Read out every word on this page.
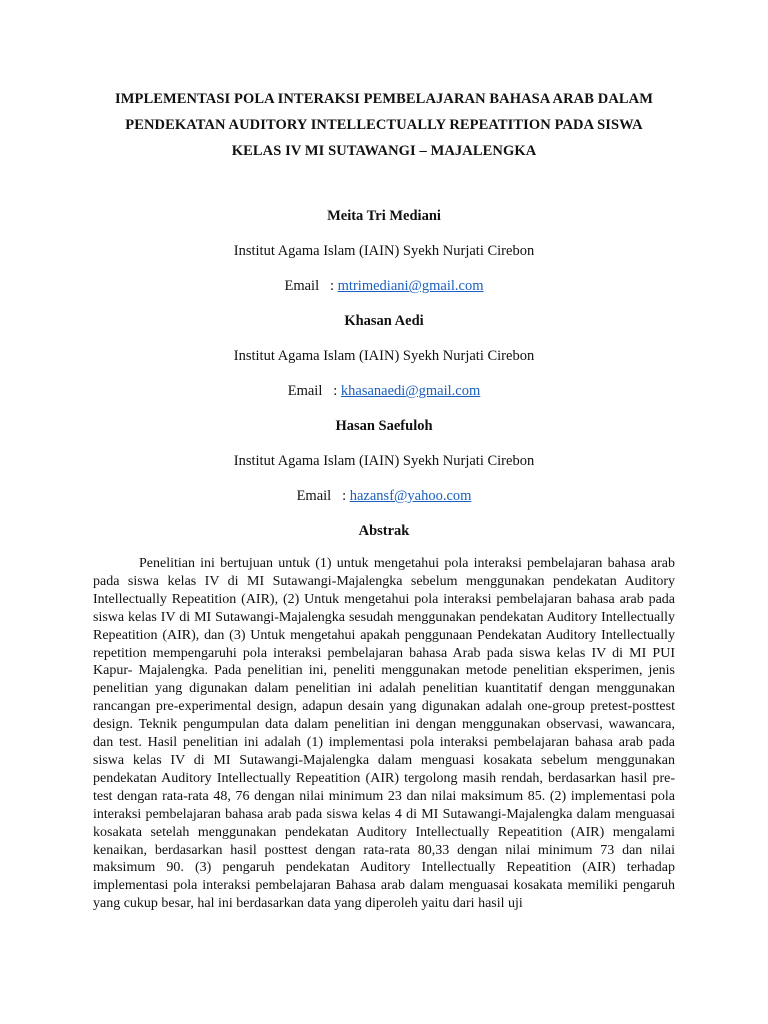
IMPLEMENTASI POLA INTERAKSI PEMBELAJARAN BAHASA ARAB DALAM
PENDEKATAN AUDITORY INTELLECTUALLY REPEATITION PADA SISWA
KELAS IV MI SUTAWANGI – MAJALENGKA
Meita Tri Mediani
Institut Agama Islam (IAIN) Syekh Nurjati Cirebon
Email   : mtrimediani@gmail.com
Khasan Aedi
Institut Agama Islam (IAIN) Syekh Nurjati Cirebon
Email   : khasanaedi@gmail.com
Hasan Saefuloh
Institut Agama Islam (IAIN) Syekh Nurjati Cirebon
Email   : hazansf@yahoo.com
Abstrak
Penelitian ini bertujuan untuk (1) untuk mengetahui pola interaksi pembelajaran bahasa arab pada siswa kelas IV di MI Sutawangi-Majalengka sebelum menggunakan pendekatan Auditory Intellectually Repeatition (AIR), (2) Untuk mengetahui pola interaksi pembelajaran bahasa arab pada siswa kelas IV di MI Sutawangi-Majalengka sesudah menggunakan pendekatan Auditory Intellectually Repeatition (AIR), dan (3) Untuk mengetahui apakah penggunaan Pendekatan Auditory Intellectually repetition mempengaruhi pola interaksi pembelajaran bahasa Arab pada siswa kelas IV di MI PUI Kapur- Majalengka. Pada penelitian ini, peneliti menggunakan metode penelitian eksperimen, jenis penelitian yang digunakan dalam penelitian ini adalah penelitian kuantitatif dengan menggunakan rancangan pre-experimental design, adapun desain yang digunakan adalah one-group pretest-posttest design. Teknik pengumpulan data dalam penelitian ini dengan menggunakan observasi, wawancara, dan test. Hasil penelitian ini adalah (1) implementasi pola interaksi pembelajaran bahasa arab pada siswa kelas IV di MI Sutawangi-Majalengka dalam menguasi kosakata sebelum menggunakan pendekatan Auditory Intellectually Repeatition (AIR) tergolong masih rendah, berdasarkan hasil pre-test dengan rata-rata 48, 76 dengan nilai minimum 23 dan nilai maksimum 85. (2) implementasi pola interaksi pembelajaran bahasa arab pada siswa kelas 4 di MI Sutawangi-Majalengka dalam menguasai kosakata setelah menggunakan pendekatan Auditory Intellectually Repeatition (AIR) mengalami kenaikan, berdasarkan hasil posttest dengan rata-rata 80,33 dengan nilai minimum 73 dan nilai maksimum 90. (3) pengaruh pendekatan Auditory Intellectually Repeatition (AIR) terhadap implementasi pola interaksi pembelajaran Bahasa arab dalam menguasai kosakata memiliki pengaruh yang cukup besar, hal ini berdasarkan data yang diperoleh yaitu dari hasil uji
